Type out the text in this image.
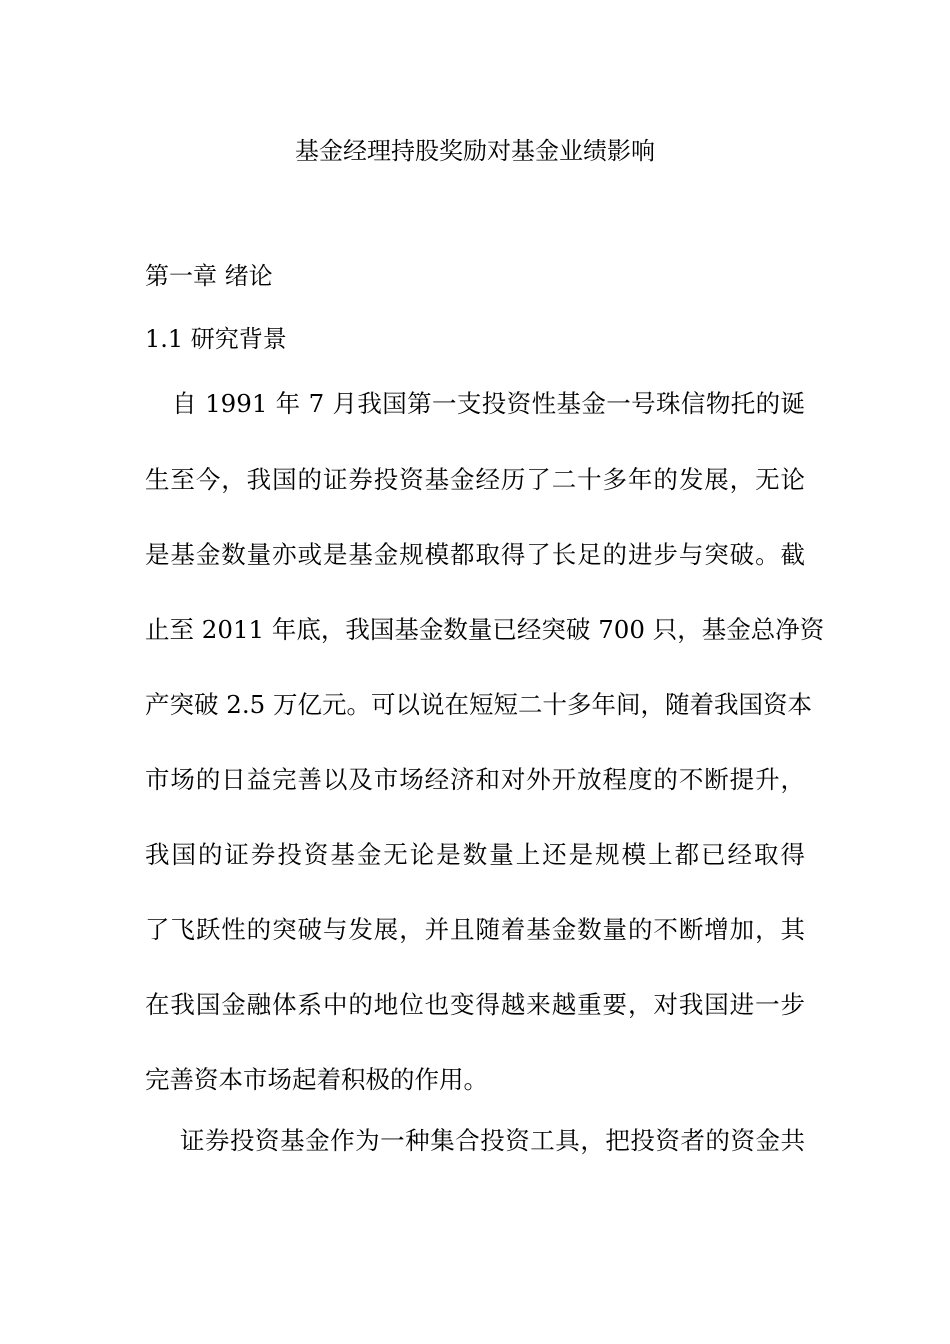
基金经理持股奖励对基金业绩影响
第一章 绪论
1.1 研究背景
自 1991 年 7 月我国第一支投资性基金一号珠信物托的诞
生至今，我国的证券投资基金经历了二十多年的发展，无论
是基金数量亦或是基金规模都取得了长足的进步与突破。截
止至 2011 年底，我国基金数量已经突破 700 只，基金总净资
产突破 2.5 万亿元。可以说在短短二十多年间，随着我国资本
市场的日益完善以及市场经济和对外开放程度的不断提升，
我国的证券投资基金无论是数量上还是规模上都已经取得
了飞跃性的突破与发展，并且随着基金数量的不断增加，其
在我国金融体系中的地位也变得越来越重要，对我国进一步
完善资本市场起着积极的作用。
证券投资基金作为一种集合投资工具，把投资者的资金共
